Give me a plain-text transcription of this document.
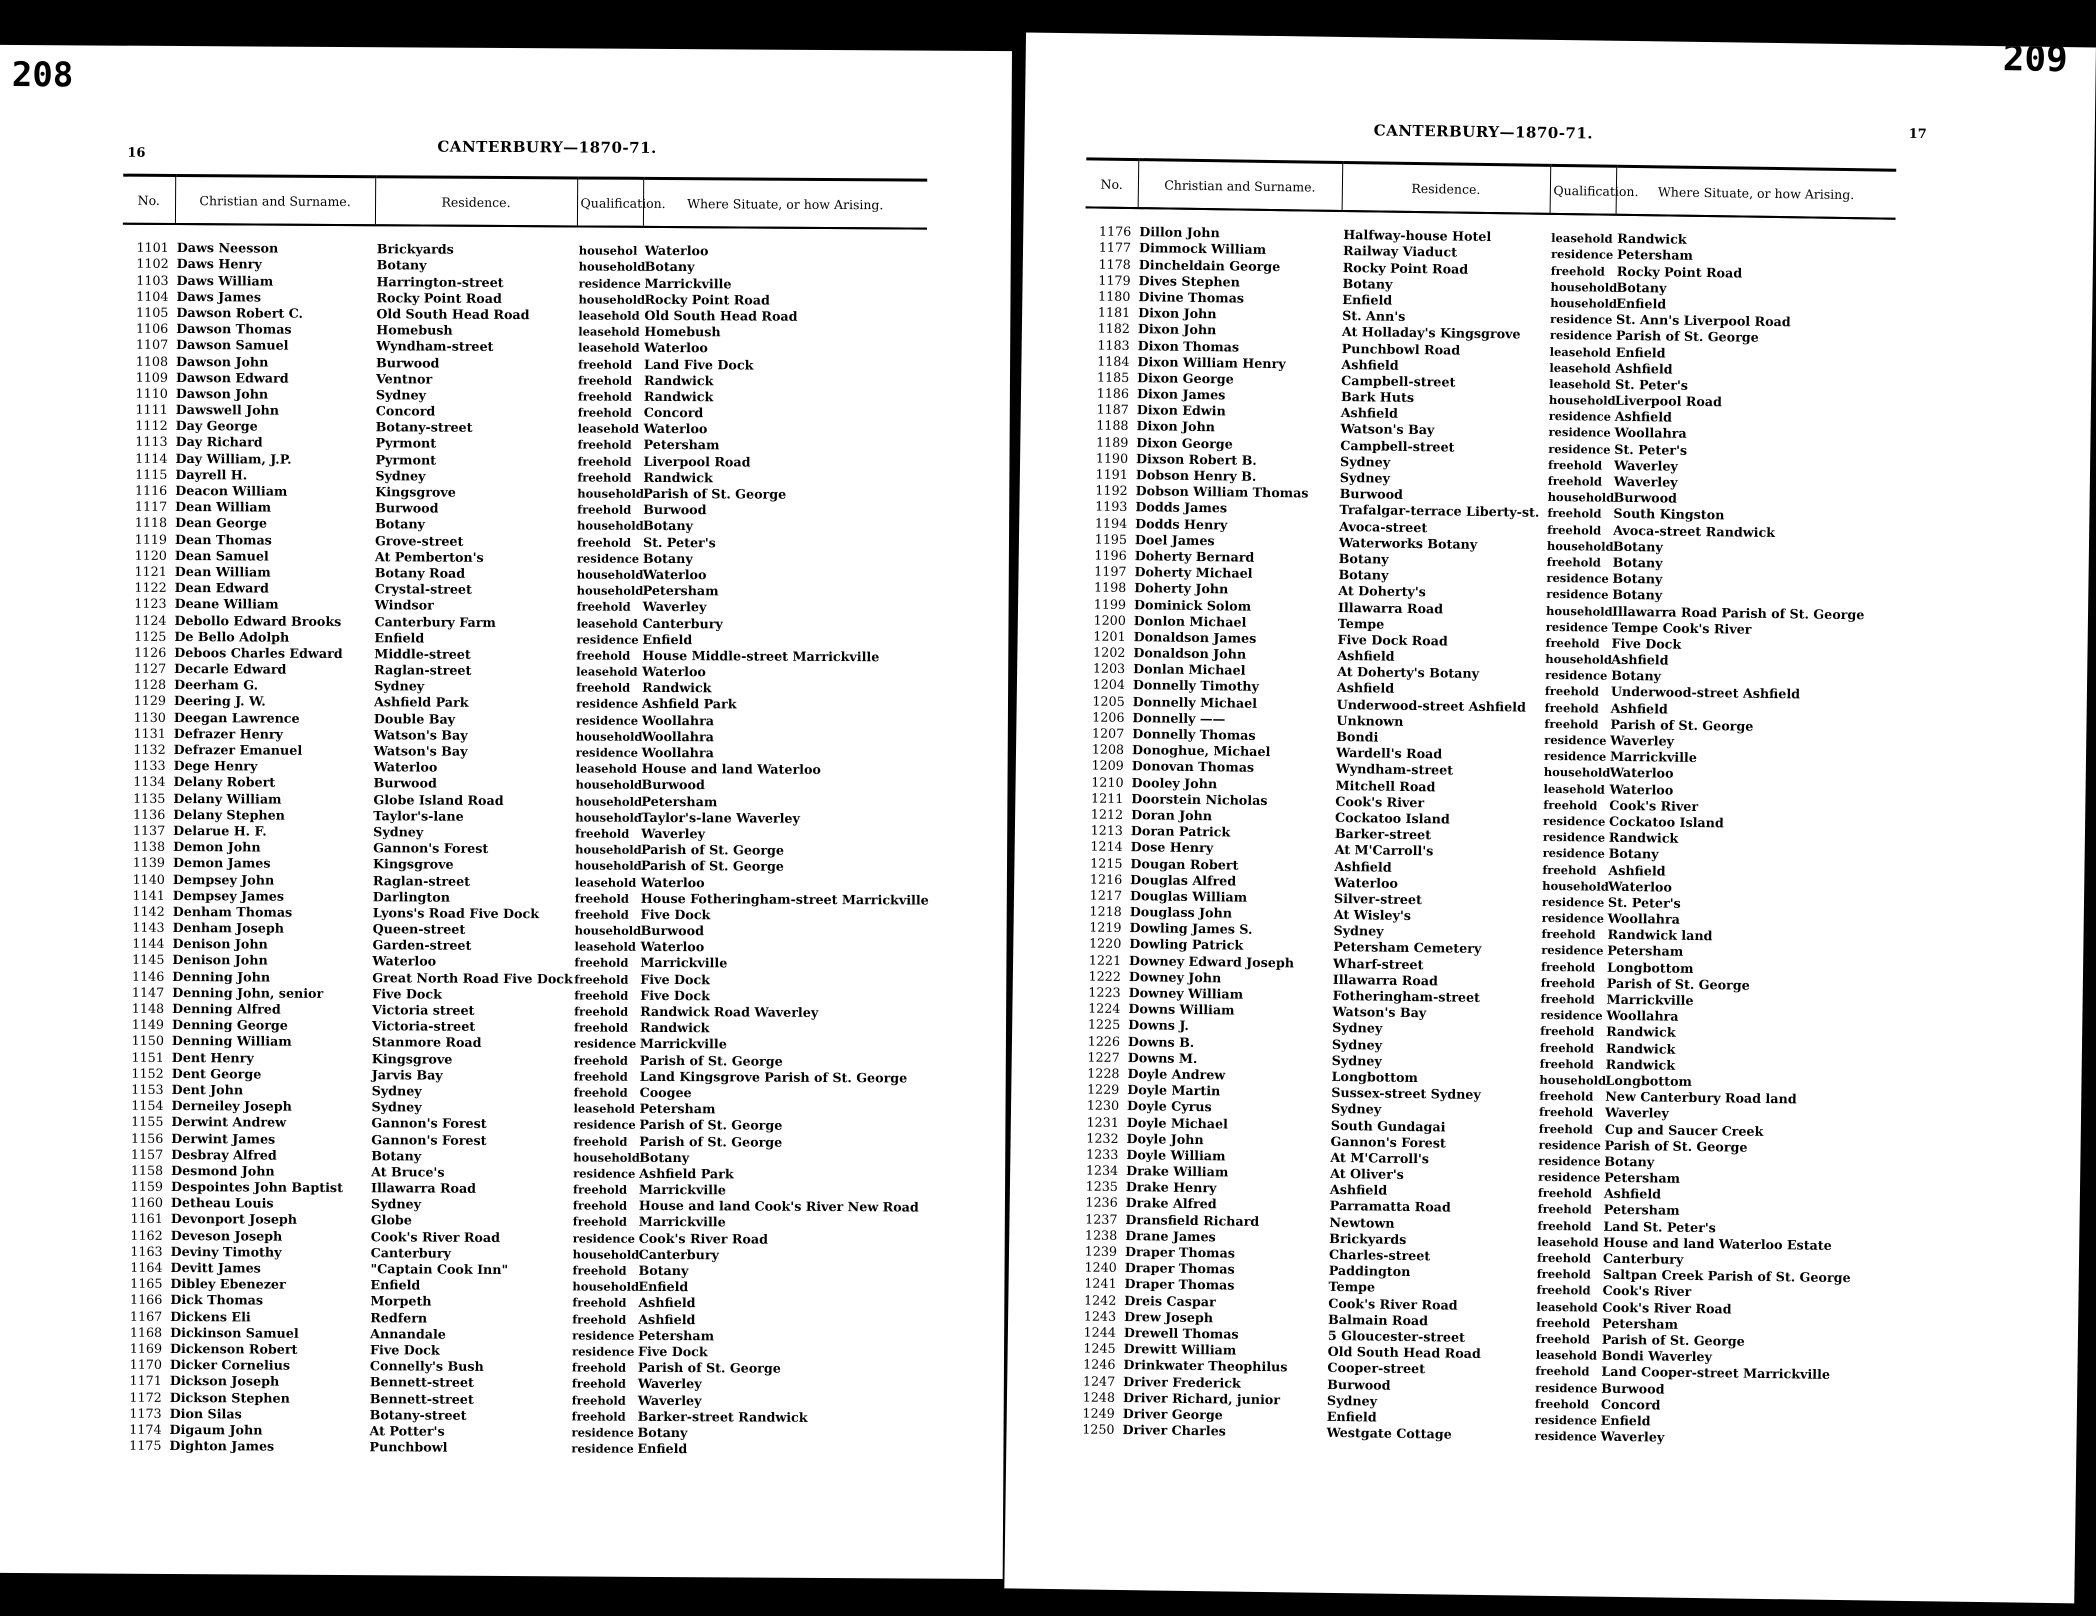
208
16	CANTERBURY—1870-71.
No.	Christian and Surname.	Residence.	Qualification.	Where Situate, or how Arising.
1101	Daws Neesson	Brickyards	househol	Waterloo
1102	Daws Henry	Botany	household	Botany
1103	Daws William	Harrington-street	residence	Marrickville
1104	Daws James	Rocky Point Road	household	Rocky Point Road
1105	Dawson Robert C.	Old South Head Road	leasehold	Old South Head Road
1106	Dawson Thomas	Homebush	leasehold	Homebush
1107	Dawson Samuel	Wyndham-street	leasehold	Waterloo
1108	Dawson John	Burwood	freehold	Land Five Dock
1109	Dawson Edward	Ventnor	freehold	Randwick
1110	Dawson John	Sydney	freehold	Randwick
1111	Dawswell John	Concord	freehold	Concord
1112	Day George	Botany-street	leasehold	Waterloo
1113	Day Richard	Pyrmont	freehold	Petersham
1114	Day William, J.P.	Pyrmont	freehold	Liverpool Road
1115	Dayrell H.	Sydney	freehold	Randwick
1116	Deacon William	Kingsgrove	household	Parish of St. George
1117	Dean William	Burwood	freehold	Burwood
1118	Dean George	Botany	household	Botany
1119	Dean Thomas	Grove-street	freehold	St. Peter's
1120	Dean Samuel	At Pemberton's	residence	Botany
1121	Dean William	Botany Road	household	Waterloo
1122	Dean Edward	Crystal-street	household	Petersham
1123	Deane William	Windsor	freehold	Waverley
1124	Debollo Edward Brooks	Canterbury Farm	leasehold	Canterbury
1125	De Bello Adolph	Enfield	residence	Enfield
1126	Deboos Charles Edward	Middle-street	freehold	House Middle-street Marrickville
1127	Decarle Edward	Raglan-street	leasehold	Waterloo
1128	Deerham G.	Sydney	freehold	Randwick
1129	Deering J. W.	Ashfield Park	residence	Ashfield Park
1130	Deegan Lawrence	Double Bay	residence	Woollahra
1131	Defrazer Henry	Watson's Bay	household	Woollahra
1132	Defrazer Emanuel	Watson's Bay	residence	Woollahra
1133	Dege Henry	Waterloo	leasehold	House and land Waterloo
1134	Delany Robert	Burwood	household	Burwood
1135	Delany William	Globe Island Road	household	Petersham
1136	Delany Stephen	Taylor's-lane	household	Taylor's-lane Waverley
1137	Delarue H. F.	Sydney	freehold	Waverley
1138	Demon John	Gannon's Forest	household	Parish of St. George
1139	Demon James	Kingsgrove	household	Parish of St. George
1140	Dempsey John	Raglan-street	leasehold	Waterloo
1141	Dempsey James	Darlington	freehold	House Fotheringham-street Marrickville
1142	Denham Thomas	Lyons's Road Five Dock	freehold	Five Dock
1143	Denham Joseph	Queen-street	household	Burwood
1144	Denison John	Garden-street	leasehold	Waterloo
1145	Denison John	Waterloo	freehold	Marrickville
1146	Denning John	Great North Road Five Dock	freehold	Five Dock
1147	Denning John, senior	Five Dock	freehold	Five Dock
1148	Denning Alfred	Victoria street	freehold	Randwick Road Waverley
1149	Denning George	Victoria-street	freehold	Randwick
1150	Denning William	Stanmore Road	residence	Marrickville
1151	Dent Henry	Kingsgrove	freehold	Parish of St. George
1152	Dent George	Jarvis Bay	freehold	Land Kingsgrove Parish of St. George
1153	Dent John	Sydney	freehold	Coogee
1154	Derneiley Joseph	Sydney	leasehold	Petersham
1155	Derwint Andrew	Gannon's Forest	residence	Parish of St. George
1156	Derwint James	Gannon's Forest	freehold	Parish of St. George
1157	Desbray Alfred	Botany	household	Botany
1158	Desmond John	At Bruce's	residence	Ashfield Park
1159	Despointes John Baptist	Illawarra Road	freehold	Marrickville
1160	Detheau Louis	Sydney	freehold	House and land Cook's River New Road
1161	Devonport Joseph	Globe	freehold	Marrickville
1162	Deveson Joseph	Cook's River Road	residence	Cook's River Road
1163	Deviny Timothy	Canterbury	household	Canterbury
1164	Devitt James	"Captain Cook Inn"	freehold	Botany
1165	Dibley Ebenezer	Enfield	household	Enfield
1166	Dick Thomas	Morpeth	freehold	Ashfield
1167	Dickens Eli	Redfern	freehold	Ashfield
1168	Dickinson Samuel	Annandale	residence	Petersham
1169	Dickenson Robert	Five Dock	residence	Five Dock
1170	Dicker Cornelius	Connelly's Bush	freehold	Parish of St. George
1171	Dickson Joseph	Bennett-street	freehold	Waverley
1172	Dickson Stephen	Bennett-street	freehold	Waverley
1173	Dion Silas	Botany-street	freehold	Barker-street Randwick
1174	Digaum John	At Potter's	residence	Botany
1175	Dighton James	Punchbowl	residence	Enfield
209
17
CANTERBURY—1870-71.
No.	Christian and Surname.	Residence.	Qualification.	Where Situate, or how Arising.
1176	Dillon John	Halfway-house Hotel	leasehold	Randwick
1177	Dimmock William	Railway Viaduct	residence	Petersham
1178	Dincheldain George	Rocky Point Road	freehold	Rocky Point Road
1179	Dives Stephen	Botany	household	Botany
1180	Divine Thomas	Enfield	household	Enfield
1181	Dixon John	St. Ann's	residence	St. Ann's Liverpool Road
1182	Dixon John	At Holladay's Kingsgrove	residence	Parish of St. George
1183	Dixon Thomas	Punchbowl Road	leasehold	Enfield
1184	Dixon William Henry	Ashfield	leasehold	Ashfield
1185	Dixon George	Campbell-street	leasehold	St. Peter's
1186	Dixon James	Bark Huts	household	Liverpool Road
1187	Dixon Edwin	Ashfield	residence	Ashfield
1188	Dixon John	Watson's Bay	residence	Woollahra
1189	Dixon George	Campbell-street	residence	St. Peter's
1190	Dixson Robert B.	Sydney	freehold	Waverley
1191	Dobson Henry B.	Sydney	freehold	Waverley
1192	Dobson William Thomas	Burwood	household	Burwood
1193	Dodds James	Trafalgar-terrace Liberty-st.	freehold	South Kingston
1194	Dodds Henry	Avoca-street	freehold	Avoca-street Randwick
1195	Doel James	Waterworks Botany	household	Botany
1196	Doherty Bernard	Botany	freehold	Botany
1197	Doherty Michael	Botany	residence	Botany
1198	Doherty John	At Doherty's	residence	Botany
1199	Dominick Solom	Illawarra Road	household	Illawarra Road Parish of St. George
1200	Donlon Michael	Tempe	residence	Tempe Cook's River
1201	Donaldson James	Five Dock Road	freehold	Five Dock
1202	Donaldson John	Ashfield	household	Ashfield
1203	Donlan Michael	At Doherty's Botany	residence	Botany
1204	Donnelly Timothy	Ashfield	freehold	Underwood-street Ashfield
1205	Donnelly Michael	Underwood-street Ashfield	freehold	Ashfield
1206	Donnelly ——	Unknown	freehold	Parish of St. George
1207	Donnelly Thomas	Bondi	residence	Waverley
1208	Donoghue, Michael	Wardell's Road	residence	Marrickville
1209	Donovan Thomas	Wyndham-street	household	Waterloo
1210	Dooley John	Mitchell Road	leasehold	Waterloo
1211	Doorstein Nicholas	Cook's River	freehold	Cook's River
1212	Doran John	Cockatoo Island	residence	Cockatoo Island
1213	Doran Patrick	Barker-street	residence	Randwick
1214	Dose Henry	At M'Carroll's	residence	Botany
1215	Dougan Robert	Ashfield	freehold	Ashfield
1216	Douglas Alfred	Waterloo	household	Waterloo
1217	Douglas William	Silver-street	residence	St. Peter's
1218	Douglass John	At Wisley's	residence	Woollahra
1219	Dowling James S.	Sydney	freehold	Randwick land
1220	Dowling Patrick	Petersham Cemetery	residence	Petersham
1221	Downey Edward Joseph	Wharf-street	freehold	Longbottom
1222	Downey John	Illawarra Road	freehold	Parish of St. George
1223	Downey William	Fotheringham-street	freehold	Marrickville
1224	Downs William	Watson's Bay	residence	Woollahra
1225	Downs J.	Sydney	freehold	Randwick
1226	Downs B.	Sydney	freehold	Randwick
1227	Downs M.	Sydney	freehold	Randwick
1228	Doyle Andrew	Longbottom	household	Longbottom
1229	Doyle Martin	Sussex-street Sydney	freehold	New Canterbury Road land
1230	Doyle Cyrus	Sydney	freehold	Waverley
1231	Doyle Michael	South Gundagai	freehold	Cup and Saucer Creek
1232	Doyle John	Gannon's Forest	residence	Parish of St. George
1233	Doyle William	At M'Carroll's	residence	Botany
1234	Drake William	At Oliver's	residence	Petersham
1235	Drake Henry	Ashfield	freehold	Ashfield
1236	Drake Alfred	Parramatta Road	freehold	Petersham
1237	Dransfield Richard	Newtown	freehold	Land St. Peter's
1238	Drane James	Brickyards	leasehold	House and land Waterloo Estate
1239	Draper Thomas	Charles-street	freehold	Canterbury
1240	Draper Thomas	Paddington	freehold	Saltpan Creek Parish of St. George
1241	Draper Thomas	Tempe	freehold	Cook's River
1242	Dreis Caspar	Cook's River Road	leasehold	Cook's River Road
1243	Drew Joseph	Balmain Road	freehold	Petersham
1244	Drewell Thomas	5 Gloucester-street	freehold	Parish of St. George
1245	Drewitt William	Old South Head Road	leasehold	Bondi Waverley
1246	Drinkwater Theophilus	Cooper-street	freehold	Land Cooper-street Marrickville
1247	Driver Frederick	Burwood	residence	Burwood
1248	Driver Richard, junior	Sydney	freehold	Concord
1249	Driver George	Enfield	residence	Enfield
1250	Driver Charles	Westgate Cottage	residence	Waverley
